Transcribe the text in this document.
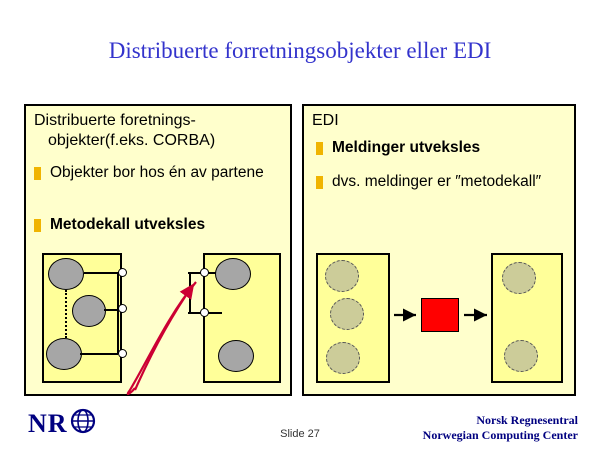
Distribuerte forretningsobjekter eller EDI
Distribuerte foretnings-
objekter(f.eks. CORBA)
Objekter bor hos én av partene
Metodekall utveksles
EDI
Meldinger utveksles
dvs. meldinger er ″metodekall″
NR	Slide 27
Norsk Regnesentral
Norwegian Computing Center
